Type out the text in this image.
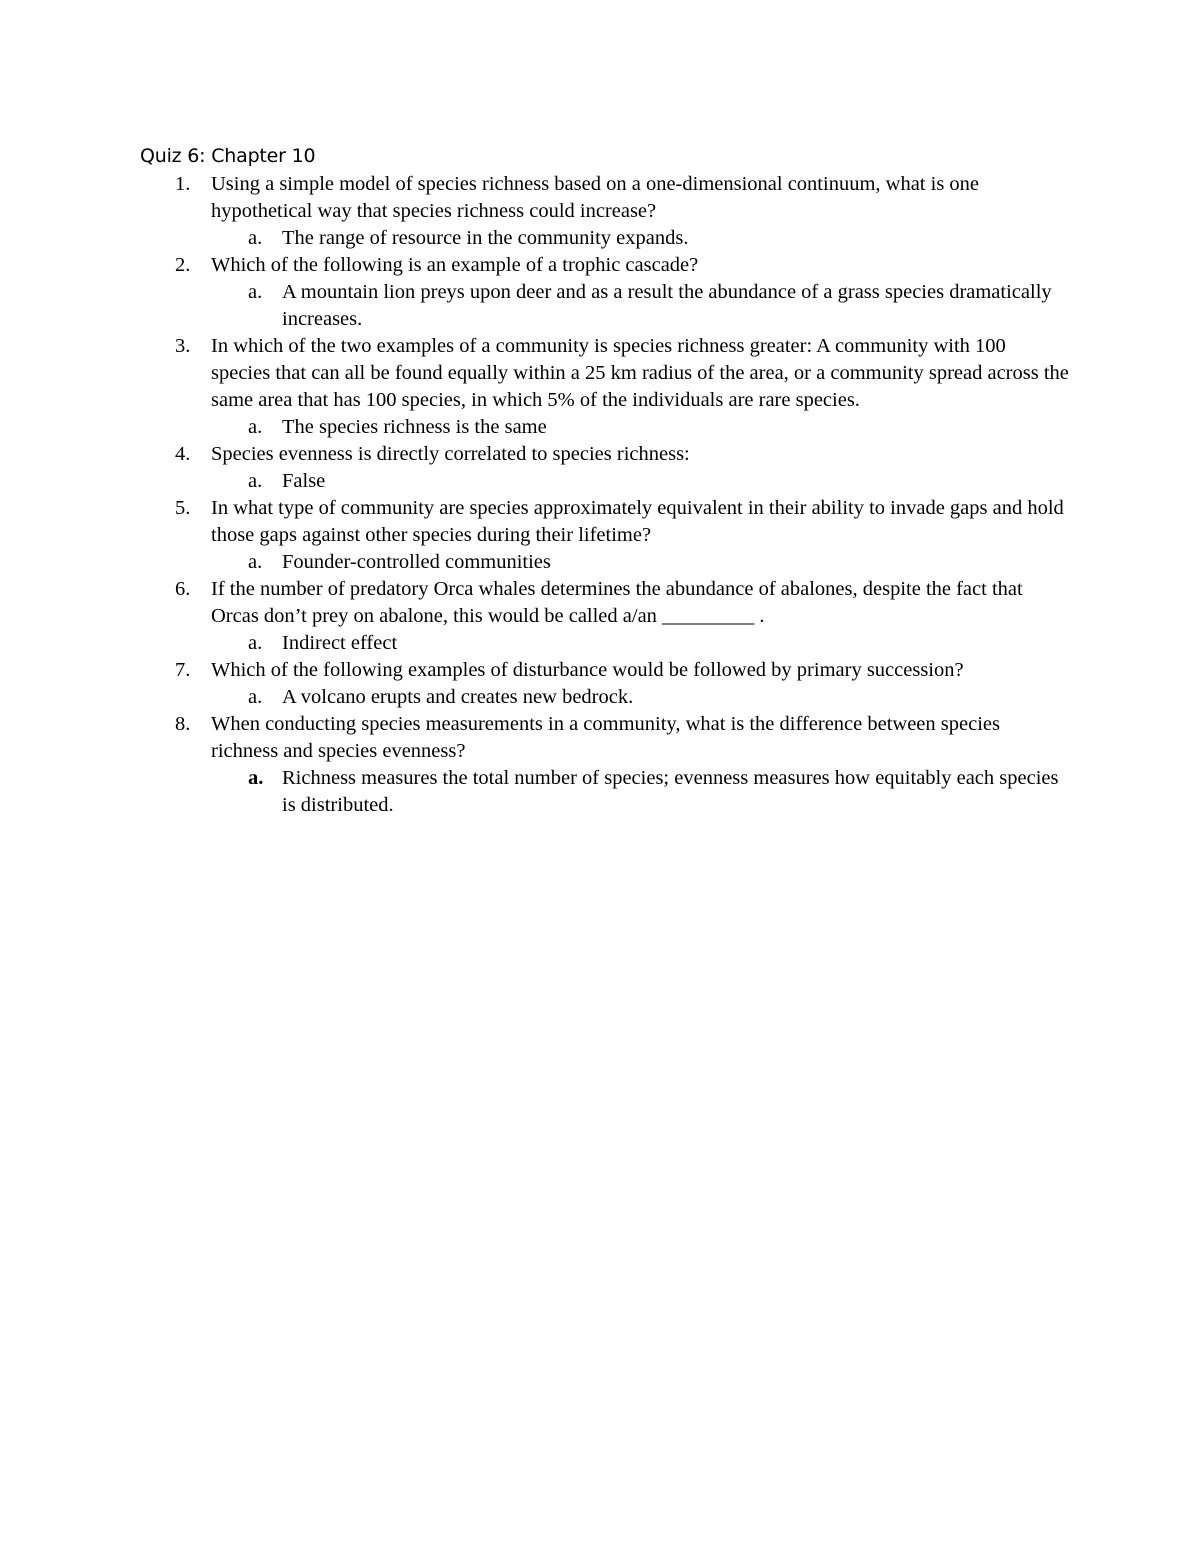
Quiz 6: Chapter 10
1. Using a simple model of species richness based on a one-dimensional continuum, what is one hypothetical way that species richness could increase?
a. The range of resource in the community expands.
2. Which of the following is an example of a trophic cascade?
a. A mountain lion preys upon deer and as a result the abundance of a grass species dramatically increases.
3. In which of the two examples of a community is species richness greater: A community with 100 species that can all be found equally within a 25 km radius of the area, or a community spread across the same area that has 100 species, in which 5% of the individuals are rare species.
a. The species richness is the same
4. Species evenness is directly correlated to species richness:
a. False
5. In what type of community are species approximately equivalent in their ability to invade gaps and hold those gaps against other species during their lifetime?
a. Founder-controlled communities
6. If the number of predatory Orca whales determines the abundance of abalones, despite the fact that Orcas don’t prey on abalone, this would be called a/an _________ .
a. Indirect effect
7. Which of the following examples of disturbance would be followed by primary succession?
a. A volcano erupts and creates new bedrock.
8. When conducting species measurements in a community, what is the difference between species richness and species evenness?
a. Richness measures the total number of species; evenness measures how equitably each species is distributed.
